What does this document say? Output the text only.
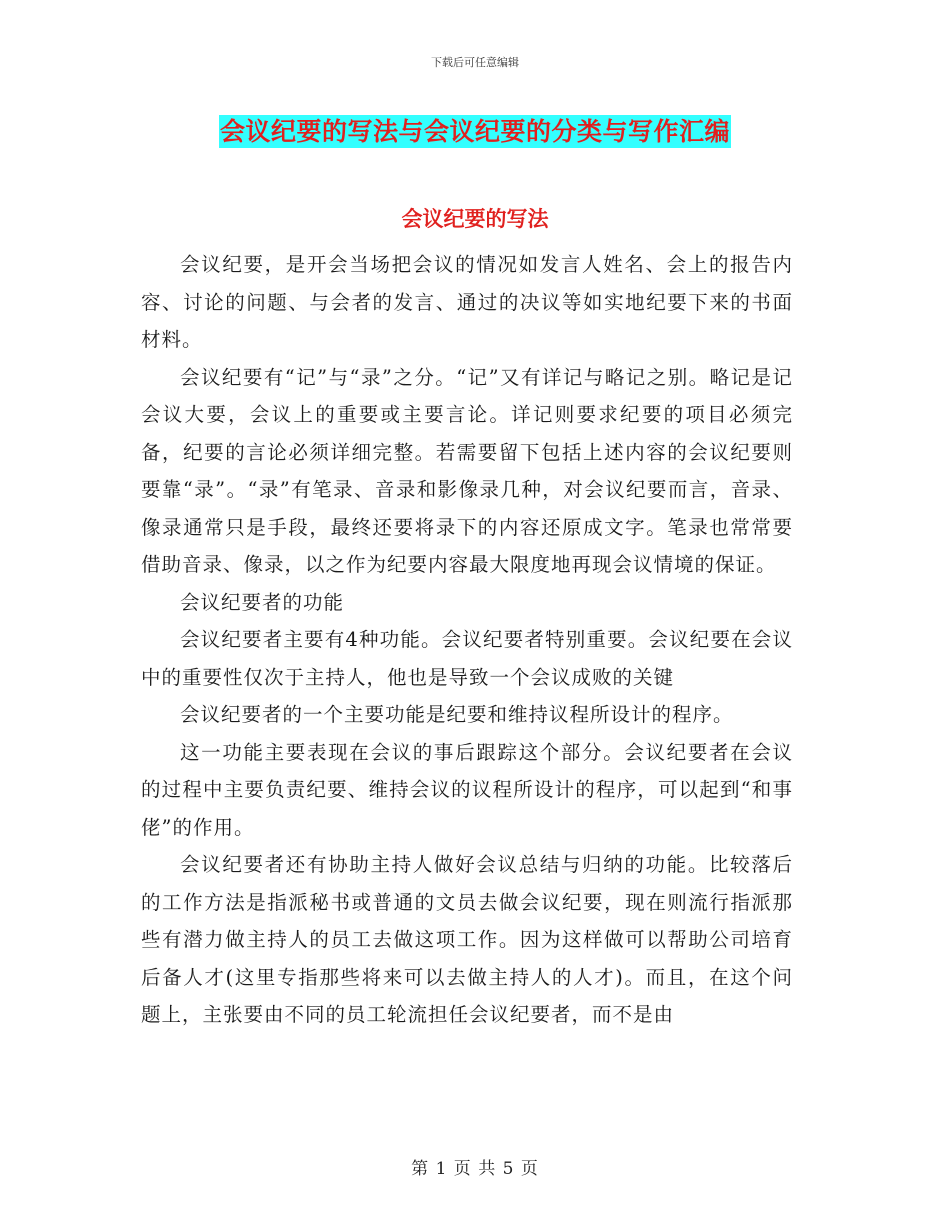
下载后可任意编辑
会议纪要的写法与会议纪要的分类与写作汇编
会议纪要的写法

会议纪要，是开会当场把会议的情况如发言人姓名、会上的报告内容、讨论的问题、与会者的发言、通过的决议等如实地纪要下来的书面材料。

会议纪要有“记”与“录”之分。“记”又有详记与略记之别。略记是记会议大要，会议上的重要或主要言论。详记则要求纪要的项目必须完备，纪要的言论必须详细完整。若需要留下包括上述内容的会议纪要则要靠“录”。“录”有笔录、音录和影像录几种，对会议纪要而言，音录、像录通常只是手段，最终还要将录下的内容还原成文字。笔录也常常要借助音录、像录，以之作为纪要内容最大限度地再现会议情境的保证。

会议纪要者的功能

会议纪要者主要有4种功能。会议纪要者特别重要。会议纪要在会议中的重要性仅次于主持人，他也是导致一个会议成败的关键

会议纪要者的一个主要功能是纪要和维持议程所设计的程序。

这一功能主要表现在会议的事后跟踪这个部分。会议纪要者在会议的过程中主要负责纪要、维持会议的议程所设计的程序，可以起到“和事佬”的作用。

会议纪要者还有协助主持人做好会议总结与归纳的功能。比较落后的工作方法是指派秘书或普通的文员去做会议纪要，现在则流行指派那些有潜力做主持人的员工去做这项工作。因为这样做可以帮助公司培育后备人才(这里专指那些将来可以去做主持人的人才)。而且，在这个问题上，主张要由不同的员工轮流担任会议纪要者，而不是由

第 1 页 共 5 页
